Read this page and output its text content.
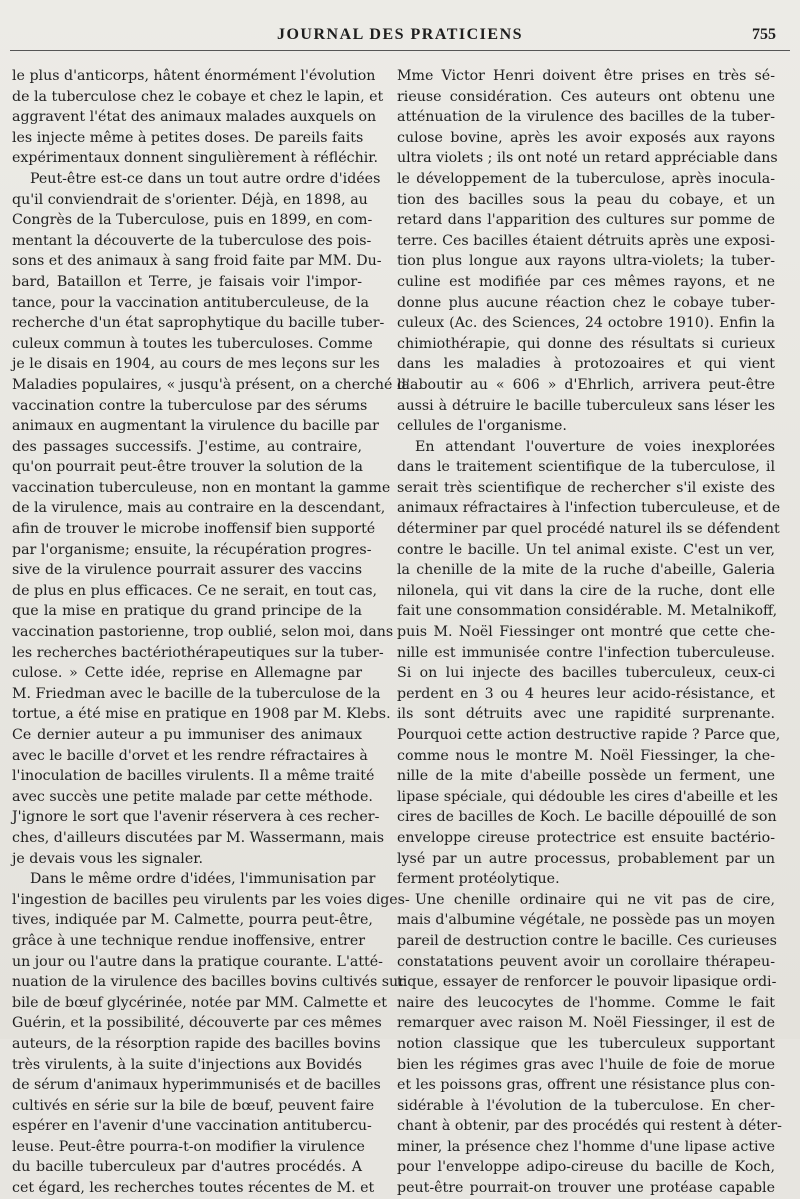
JOURNAL DES PRATICIENS	755
le plus d'anticorps, hâtent énormément l'évolution
de la tuberculose chez le cobaye et chez le lapin, et
aggravent l'état des animaux malades auxquels on
les injecte même à petites doses. De pareils faits
expérimentaux donnent singulièrement à réfléchir.
Peut-être est-ce dans un tout autre ordre d'idées
qu'il conviendrait de s'orienter. Déjà, en 1898, au
Congrès de la Tuberculose, puis en 1899, en com-
mentant la découverte de la tuberculose des pois-
sons et des animaux à sang froid faite par MM. Du-
bard, Bataillon et Terre, je faisais voir l'impor-
tance, pour la vaccination antituberculeuse, de la
recherche d'un état saprophytique du bacille tuber-
culeux commun à toutes les tuberculoses. Comme
je le disais en 1904, au cours de mes leçons sur les
Maladies populaires, « jusqu'à présent, on a cherché la
vaccination contre la tuberculose par des sérums
animaux en augmentant la virulence du bacille par
des passages successifs. J'estime, au contraire,
qu'on pourrait peut-être trouver la solution de la
vaccination tuberculeuse, non en montant la gamme
de la virulence, mais au contraire en la descendant,
afin de trouver le microbe inoffensif bien supporté
par l'organisme; ensuite, la récupération progres-
sive de la virulence pourrait assurer des vaccins
de plus en plus efficaces. Ce ne serait, en tout cas,
que la mise en pratique du grand principe de la
vaccination pastorienne, trop oublié, selon moi, dans
les recherches bactériothérapeutiques sur la tuber-
culose. » Cette idée, reprise en Allemagne par
M. Friedman avec le bacille de la tuberculose de la
tortue, a été mise en pratique en 1908 par M. Klebs.
Ce dernier auteur a pu immuniser des animaux
avec le bacille d'orvet et les rendre réfractaires à
l'inoculation de bacilles virulents. Il a même traité
avec succès une petite malade par cette méthode.
J'ignore le sort que l'avenir réservera à ces recher-
ches, d'ailleurs discutées par M. Wassermann, mais
je devais vous les signaler.
Dans le même ordre d'idées, l'immunisation par
l'ingestion de bacilles peu virulents par les voies diges-
tives, indiquée par M. Calmette, pourra peut-être,
grâce à une technique rendue inoffensive, entrer
un jour ou l'autre dans la pratique courante. L'atté-
nuation de la virulence des bacilles bovins cultivés sur
bile de bœuf glycérinée, notée par MM. Calmette et
Guérin, et la possibilité, découverte par ces mêmes
auteurs, de la résorption rapide des bacilles bovins
très virulents, à la suite d'injections aux Bovidés
de sérum d'animaux hyperimmunisés et de bacilles
cultivés en série sur la bile de bœuf, peuvent faire
espérer en l'avenir d'une vaccination antitubercu-
leuse. Peut-être pourra-t-on modifier la virulence
du bacille tuberculeux par d'autres procédés. A
cet égard, les recherches toutes récentes de M. et
Mme Victor Henri doivent être prises en très sé-
rieuse considération. Ces auteurs ont obtenu une
atténuation de la virulence des bacilles de la tuber-
culose bovine, après les avoir exposés aux rayons
ultra violets ; ils ont noté un retard appréciable dans
le développement de la tuberculose, après inocula-
tion des bacilles sous la peau du cobaye, et un
retard dans l'apparition des cultures sur pomme de
terre. Ces bacilles étaient détruits après une exposi-
tion plus longue aux rayons ultra-violets; la tuber-
culine est modifiée par ces mêmes rayons, et ne
donne plus aucune réaction chez le cobaye tuber-
culeux (Ac. des Sciences, 24 octobre 1910). Enfin la
chimiothérapie, qui donne des résultats si curieux
dans les maladies à protozoaires et qui vient
d'aboutir au « 606 » d'Ehrlich, arrivera peut-être
aussi à détruire le bacille tuberculeux sans léser les
cellules de l'organisme.
En attendant l'ouverture de voies inexplorées
dans le traitement scientifique de la tuberculose, il
serait très scientifique de rechercher s'il existe des
animaux réfractaires à l'infection tuberculeuse, et de
déterminer par quel procédé naturel ils se défendent
contre le bacille. Un tel animal existe. C'est un ver,
la chenille de la mite de la ruche d'abeille, Galeria
nilonela, qui vit dans la cire de la ruche, dont elle
fait une consommation considérable. M. Metalnikoff,
puis M. Noël Fiessinger ont montré que cette che-
nille est immunisée contre l'infection tuberculeuse.
Si on lui injecte des bacilles tuberculeux, ceux-ci
perdent en 3 ou 4 heures leur acido-résistance, et
ils sont détruits avec une rapidité surprenante.
Pourquoi cette action destructive rapide ? Parce que,
comme nous le montre M. Noël Fiessinger, la che-
nille de la mite d'abeille possède un ferment, une
lipase spéciale, qui dédouble les cires d'abeille et les
cires de bacilles de Koch. Le bacille dépouillé de son
enveloppe cireuse protectrice est ensuite bactério-
lysé par un autre processus, probablement par un
ferment protéolytique.
Une chenille ordinaire qui ne vit pas de cire,
mais d'albumine végétale, ne possède pas un moyen
pareil de destruction contre le bacille. Ces curieuses
constatations peuvent avoir un corollaire thérapeu-
tique, essayer de renforcer le pouvoir lipasique ordi-
naire des leucocytes de l'homme. Comme le fait
remarquer avec raison M. Noël Fiessinger, il est de
notion classique que les tuberculeux supportant
bien les régimes gras avec l'huile de foie de morue
et les poissons gras, offrent une résistance plus con-
sidérable à l'évolution de la tuberculose. En cher-
chant à obtenir, par des procédés qui restent à déter-
miner, la présence chez l'homme d'une lipase active
pour l'enveloppe adipo-cireuse du bacille de Koch,
peut-être pourrait-on trouver une protéase capable
